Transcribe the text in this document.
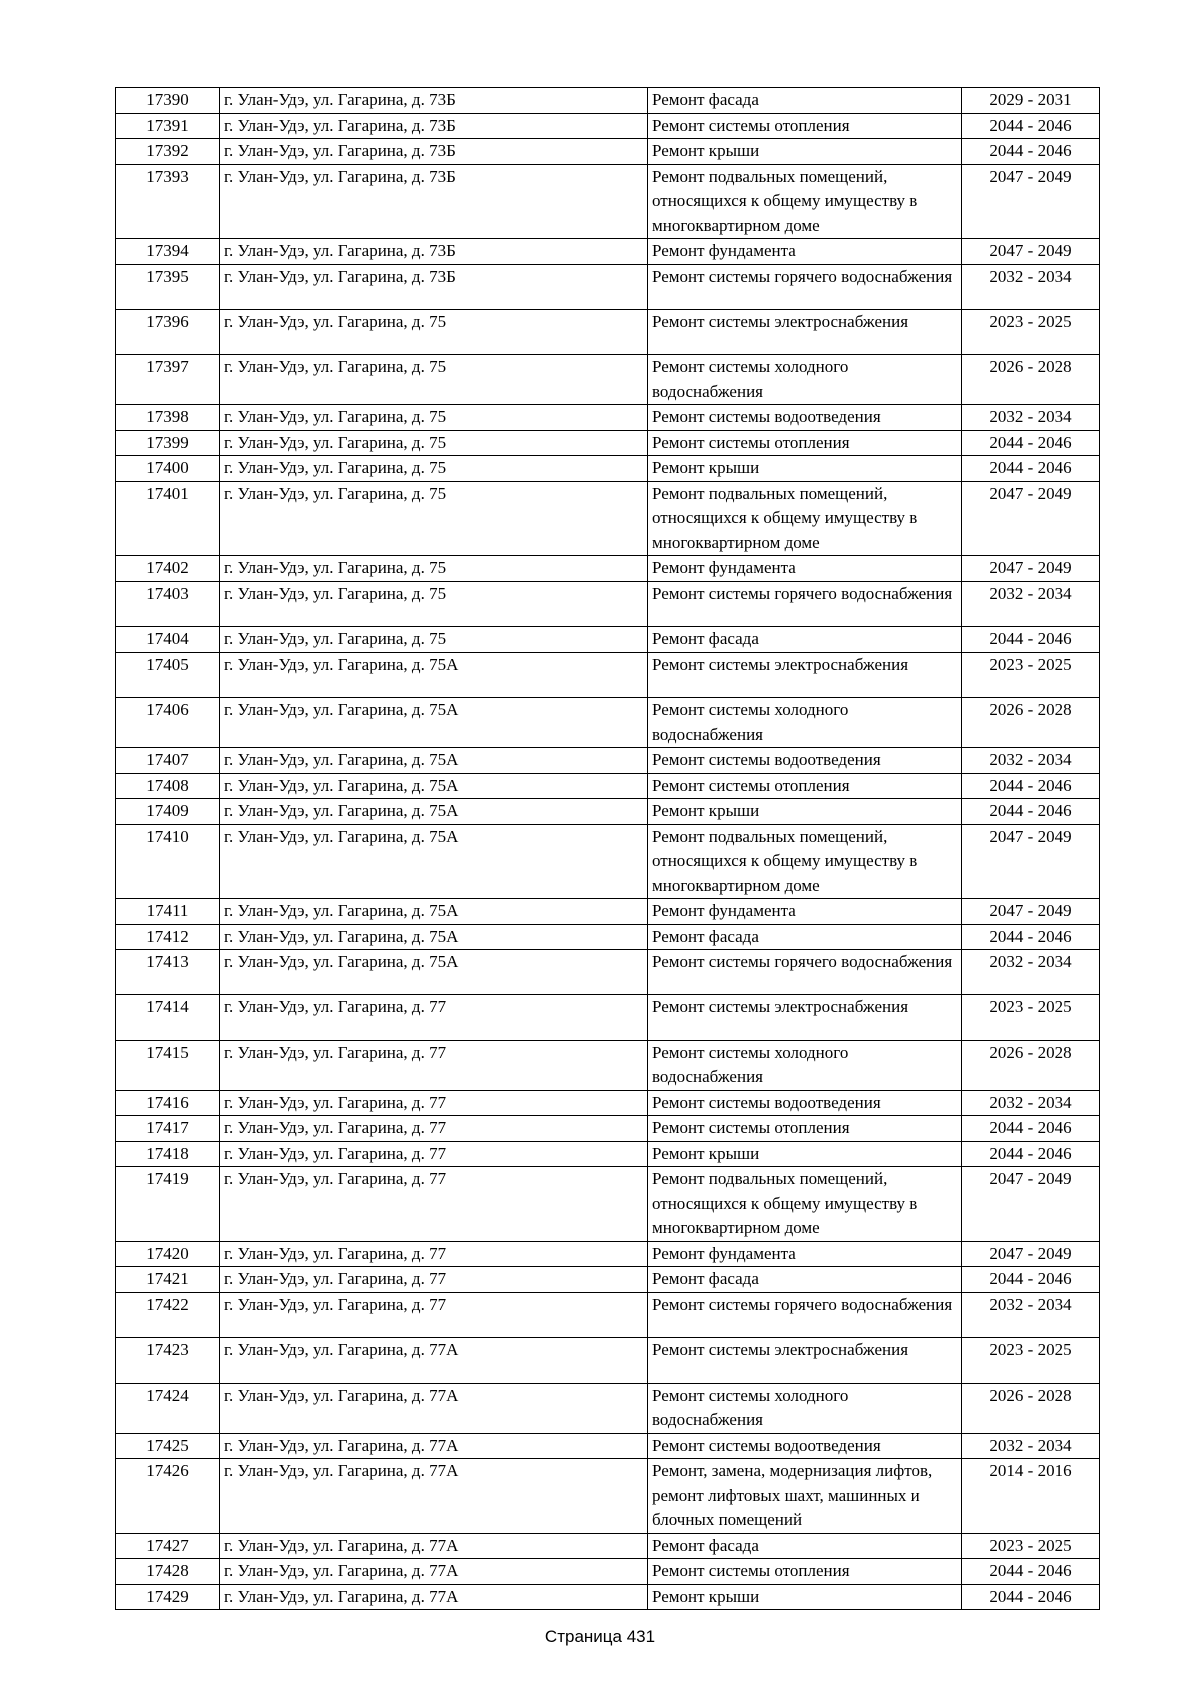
17390	г. Улан-Удэ, ул. Гагарина, д. 73Б	Ремонт фасада	2029 - 2031
17391	г. Улан-Удэ, ул. Гагарина, д. 73Б	Ремонт системы отопления	2044 - 2046
17392	г. Улан-Удэ, ул. Гагарина, д. 73Б	Ремонт крыши	2044 - 2046
17393	г. Улан-Удэ, ул. Гагарина, д. 73Б	Ремонт подвальных помещений, относящихся к общему имуществу в многоквартирном доме	2047 - 2049
17394	г. Улан-Удэ, ул. Гагарина, д. 73Б	Ремонт фундамента	2047 - 2049
17395	г. Улан-Удэ, ул. Гагарина, д. 73Б	Ремонт системы горячего водоснабжения	2032 - 2034
17396	г. Улан-Удэ, ул. Гагарина, д. 75	Ремонт системы электроснабжения	2023 - 2025
17397	г. Улан-Удэ, ул. Гагарина, д. 75	Ремонт системы холодного водоснабжения	2026 - 2028
17398	г. Улан-Удэ, ул. Гагарина, д. 75	Ремонт системы водоотведения	2032 - 2034
17399	г. Улан-Удэ, ул. Гагарина, д. 75	Ремонт системы отопления	2044 - 2046
17400	г. Улан-Удэ, ул. Гагарина, д. 75	Ремонт крыши	2044 - 2046
17401	г. Улан-Удэ, ул. Гагарина, д. 75	Ремонт подвальных помещений, относящихся к общему имуществу в многоквартирном доме	2047 - 2049
17402	г. Улан-Удэ, ул. Гагарина, д. 75	Ремонт фундамента	2047 - 2049
17403	г. Улан-Удэ, ул. Гагарина, д. 75	Ремонт системы горячего водоснабжения	2032 - 2034
17404	г. Улан-Удэ, ул. Гагарина, д. 75	Ремонт фасада	2044 - 2046
17405	г. Улан-Удэ, ул. Гагарина, д. 75А	Ремонт системы электроснабжения	2023 - 2025
17406	г. Улан-Удэ, ул. Гагарина, д. 75А	Ремонт системы холодного водоснабжения	2026 - 2028
17407	г. Улан-Удэ, ул. Гагарина, д. 75А	Ремонт системы водоотведения	2032 - 2034
17408	г. Улан-Удэ, ул. Гагарина, д. 75А	Ремонт системы отопления	2044 - 2046
17409	г. Улан-Удэ, ул. Гагарина, д. 75А	Ремонт крыши	2044 - 2046
17410	г. Улан-Удэ, ул. Гагарина, д. 75А	Ремонт подвальных помещений, относящихся к общему имуществу в многоквартирном доме	2047 - 2049
17411	г. Улан-Удэ, ул. Гагарина, д. 75А	Ремонт фундамента	2047 - 2049
17412	г. Улан-Удэ, ул. Гагарина, д. 75А	Ремонт фасада	2044 - 2046
17413	г. Улан-Удэ, ул. Гагарина, д. 75А	Ремонт системы горячего водоснабжения	2032 - 2034
17414	г. Улан-Удэ, ул. Гагарина, д. 77	Ремонт системы электроснабжения	2023 - 2025
17415	г. Улан-Удэ, ул. Гагарина, д. 77	Ремонт системы холодного водоснабжения	2026 - 2028
17416	г. Улан-Удэ, ул. Гагарина, д. 77	Ремонт системы водоотведения	2032 - 2034
17417	г. Улан-Удэ, ул. Гагарина, д. 77	Ремонт системы отопления	2044 - 2046
17418	г. Улан-Удэ, ул. Гагарина, д. 77	Ремонт крыши	2044 - 2046
17419	г. Улан-Удэ, ул. Гагарина, д. 77	Ремонт подвальных помещений, относящихся к общему имуществу в многоквартирном доме	2047 - 2049
17420	г. Улан-Удэ, ул. Гагарина, д. 77	Ремонт фундамента	2047 - 2049
17421	г. Улан-Удэ, ул. Гагарина, д. 77	Ремонт фасада	2044 - 2046
17422	г. Улан-Удэ, ул. Гагарина, д. 77	Ремонт системы горячего водоснабжения	2032 - 2034
17423	г. Улан-Удэ, ул. Гагарина, д. 77А	Ремонт системы электроснабжения	2023 - 2025
17424	г. Улан-Удэ, ул. Гагарина, д. 77А	Ремонт системы холодного водоснабжения	2026 - 2028
17425	г. Улан-Удэ, ул. Гагарина, д. 77А	Ремонт системы водоотведения	2032 - 2034
17426	г. Улан-Удэ, ул. Гагарина, д. 77А	Ремонт, замена, модернизация лифтов, ремонт лифтовых шахт, машинных и блочных помещений	2014 - 2016
17427	г. Улан-Удэ, ул. Гагарина, д. 77А	Ремонт фасада	2023 - 2025
17428	г. Улан-Удэ, ул. Гагарина, д. 77А	Ремонт системы отопления	2044 - 2046
17429	г. Улан-Удэ, ул. Гагарина, д. 77А	Ремонт крыши	2044 - 2046
Страница 431
